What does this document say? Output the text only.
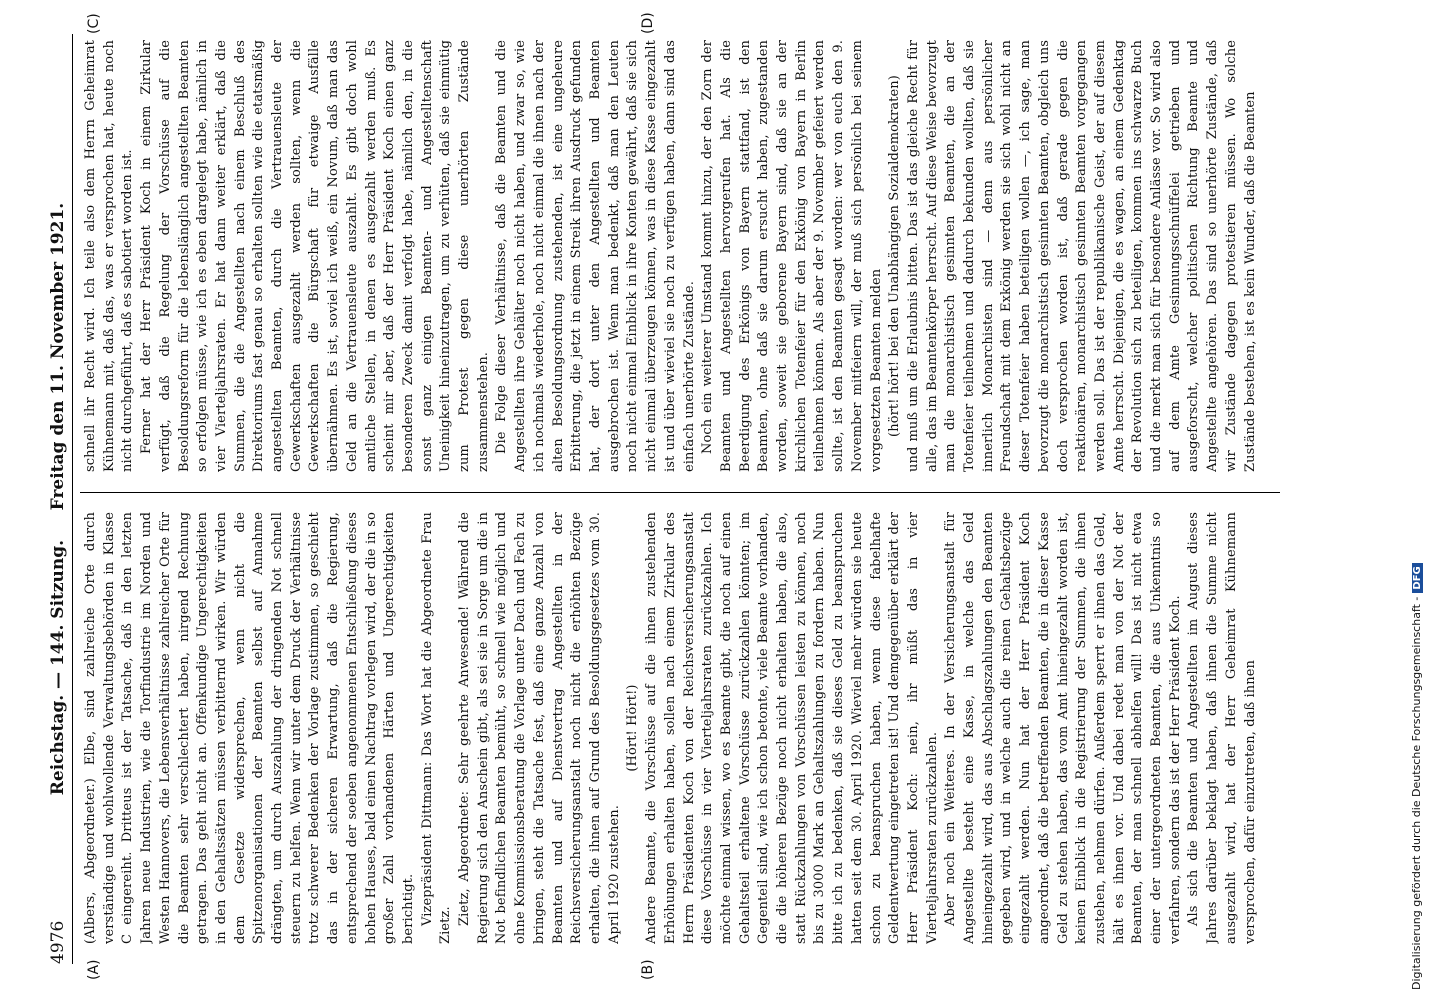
4976
Reichstag. — 144. Sitzung.     Freitag den 11. November 1921.
(A)	(B)
(C)	(D)

(Albers, Abgeordneter.) Elbe, sind zahlreiche Orte durch verständige und wohlwollende Verwaltungsbehörden in Klasse C eingereiht. Dritteus ist der Tatsache, daß in den letzten Jahren neue Industrien, wie die Torfindustrie im Norden und Westen Hannovers, die Lebensverhältnisse zahlreicher Orte für die Beamten sehr verschlechtert haben, nirgend Rechnung getragen. Das geht nicht an. Offenkundige Ungerechtigkeiten in den Gehaltssätzen müssen verbitternd wirken. Wir würden dem Gesetze widersprechen, wenn nicht die Spitzenorganisationen der Beamten selbst auf Annahme drängten, um durch Auszahlung der dringenden Not schnell steuern zu helfen. Wenn wir unter dem Druck der Verhältnisse trotz schwerer Bedenken der Vorlage zustimmen, so geschieht das in der sicheren Erwartung, daß die Regierung, entsprechend der soeben angenommenen Entschließung dieses hohen Hauses, bald einen Nachtrag vorlegen wird, der die in so großer Zahl vorhandenen Härten und Ungerechtigkeiten berichtigt. Vizepräsident Dittmann: Das Wort hat die Abgeordnete Frau Zietz. Zietz, Abgeordnete: Sehr geehrte Anwesende! Während die Regierung sich den Anschein gibt, als sei sie in Sorge um die in Not befindlichen Beamten bemüht, so schnell wie möglich und ohne Kommissionsberatung die Vorlage unter Dach und Fach zu bringen, steht die Tatsache fest, daß eine ganze Anzahl von Beamten und auf Dienstvertrag Angestellten in der Reichsversicherungsanstalt noch nicht die erhöhten Bezüge erhalten, die ihnen auf Grund des Besoldungsgesetzes vom 30. April 1920 zustehen.

(Hört! Hört!) Andere Beamte, die Vorschüsse auf die ihnen zustehenden Erhöhungen erhalten haben, sollen nach einem Zirkular des Herrn Präsidenten Koch von der Reichsversicherungsanstalt diese Vorschüsse in vier Vierteljahrsraten zurückzahlen. Ich möchte einmal wissen, wo es Beamte gibt, die noch auf einen Gehaltsteil erhaltene Vorschüsse zurückzahlen könnten; im Gegenteil sind, wie ich schon betonte, viele Beamte vorhanden, die die höheren Bezüge noch nicht erhalten haben, die also, statt Rückzahlungen von Vorschüssen leisten zu können, noch bis zu 3000 Mark an Gehaltszahlungen zu fordern haben. Nun bitte ich zu bedenken, daß sie dieses Geld zu beanspruchen hatten seit dem 30. April 1920. Wieviel mehr würden sie heute schon zu beanspruchen haben, wenn diese fabelhafte Geldentwertung eingetreten ist! Und demgegenüber erklärt der Herr Präsident Koch: nein, ihr müßt das in vier Vierteljahrsraten zurückzahlen. Aber noch ein Weiteres. In der Versicherungsanstalt für Angestellte besteht eine Kasse, in welche das Geld hineingezahlt wird, das aus Abschlagszahlungen den Beamten gegeben wird, und in welche auch die reinen Gehaltsbezüge eingezahlt werden. Nun hat der Herr Präsident Koch angeordnet, daß die betreffenden Beamten, die in dieser Kasse Geld zu stehen haben, das vom Amt hineingezahlt worden ist, keinen Einblick in die Registrierung der Summen, die ihnen zustehen, nehmen dürfen. Außerdem sperrt er ihnen das Geld, hält es ihnen vor. Und dabei redet man von der Not der Beamten, der man schnell abhelfen will! Das ist nicht etwa einer der untergeordneten Beamten, die aus Unkenntnis so verfahren, sondern das ist der Herr Präsident Koch. Als sich die Beamten und Angestellten im August dieses Jahres darüber beklagt haben, daß ihnen die Summe nicht ausgezahlt wird, hat der Herr Geheimrat Kühnemann versprochen, dafür einzutreten, daß ihnen

schnell ihr Recht wird. Ich teile also dem Herrn Geheimrat Kühnemann mit, daß das, was er versprochen hat, heute noch nicht durchgeführt, daß es sabotiert worden ist. Ferner hat der Herr Präsident Koch in einem Zirkular verfügt, daß die Regelung der Vorschüsse auf die Besoldungsreform für die lebenslänglich angestellten Beamten so erfolgen müsse, wie ich es eben dargelegt habe, nämlich in vier Vierteljahrsraten. Er hat dann weiter erklärt, daß die Summen, die die Angestellten nach einem Beschluß des Direktoriums fast genau so erhalten sollten wie die etatsmäßig angestellten Beamten, durch die Vertrauensleute der Gewerkschaften ausgezahlt werden sollten, wenn die Gewerkschaften die Bürgschaft für etwaige Ausfälle übernähmen. Es ist, soviel ich weiß, ein Novum, daß man das Geld an die Vertrauensleute auszahlt. Es gibt doch wohl amtliche Stellen, in denen es ausgezahlt werden muß. Es scheint mir aber, daß der Herr Präsident Koch einen ganz besonderen Zweck damit verfolgt habe, nämlich den, in die sonst ganz einigen Beamten- und Angestelltenschaft Uneinigkeit hineinzutragen, um zu verhüten, daß sie einmütig zum Protest gegen diese unerhörten Zustände zusammenstehen. Die Folge dieser Verhältnisse, daß die Beamten und die Angestellten ihre Gehälter noch nicht haben, und zwar so, wie ich nochmals wiederhole, noch nicht einmal die ihnen nach der alten Besoldungsordnung zustehenden, ist eine ungeheure Erbitterung, die jetzt in einem Streik ihren Ausdruck gefunden hat, der dort unter den Angestellten und Beamten ausgebrochen ist. Wenn man bedenkt, daß man den Leuten noch nicht einmal Einblick in ihre Konten gewährt, daß sie sich nicht einmal überzeugen können, was in diese Kasse eingezahlt ist und über wieviel sie noch zu verfügen haben, dann sind das einfach unerhörte Zustände. Noch ein weiterer Umstand kommt hinzu, der den Zorn der Beamten und Angestellten hervorgerufen hat. Als die Beerdigung des Erkönigs von Bayern stattfand, ist den Beamten, ohne daß sie darum ersucht haben, zugestanden worden, soweit sie geborene Bayern sind, daß sie an der kirchlichen Totenfeier für den Exkönig von Bayern in Berlin teilnehmen können. Als aber der 9. November gefeiert werden sollte, ist den Beamten gesagt worden: wer von euch den 9. November mitfeiern will, der muß sich persönlich bei seinem vorgesetzten Beamten melden (hört! hört! bei den Unabhängigen Sozialdemokraten) und muß um die Erlaubnis bitten. Das ist das gleiche Recht für alle, das im Beamtenkörper herrscht. Auf diese Weise bevorzugt man die monarchistisch gesinnten Beamten, die an der Totenfeier teilnehmen und dadurch bekunden wollten, daß sie innerlich Monarchisten sind — denn aus persönlicher Freundschaft mit dem Exkönig werden sie sich wohl nicht an dieser Totenfeier haben beteiligen wollen —, ich sage, man bevorzugt die monarchistisch gesinnten Beamten, obgleich uns doch versprochen worden ist, daß gerade gegen die reaktionären, monarchistisch gesinnten Beamten vorgegangen werden soll. Das ist der republikanische Geist, der auf diesem Amte herrscht. Diejenigen, die es wagen, an einem Gedenktag der Revolution sich zu beteiligen, kommen ins schwarze Buch und die merkt man sich für besondere Anlässe vor. So wird also auf dem Amte Gesinnungsschnüffelei getrieben und ausgeforscht, welcher politischen Richtung Beamte und Angestellte angehören. Das sind so unerhörte Zustände, daß wir Zustände dagegen protestieren müssen. Wo solche Zustände bestehen, ist es kein Wunder, daß die Beamten

Digitalisierung gefördert durch die Deutsche Forschungsgemeinschaft -DFG
